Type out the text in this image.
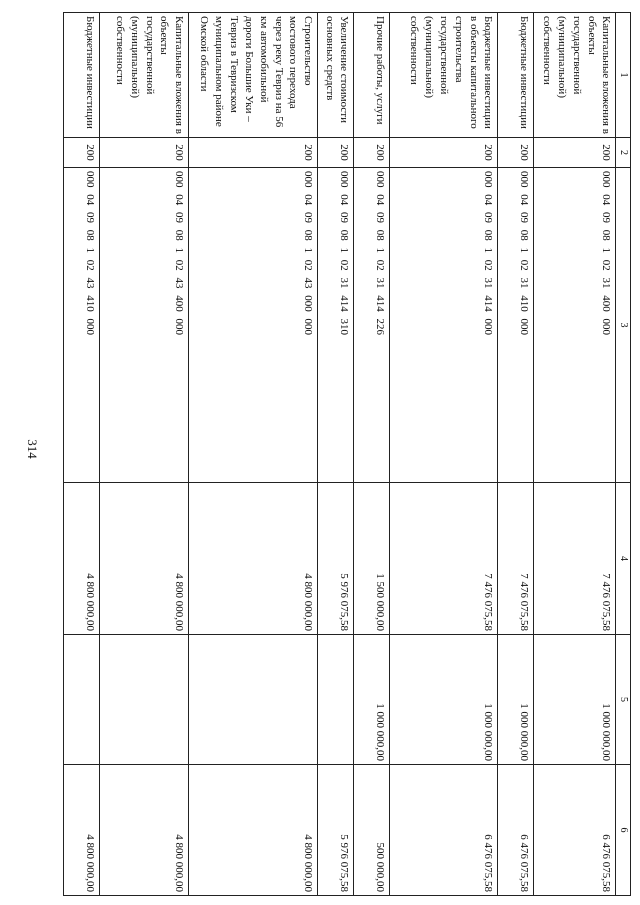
314
1	2	3	4	5	6
Капитальные вложения в объекты государственной (муниципальной) собственности	200	000 04 09 08 1 02 31 400 000	7 476 075,58	1 000 000,00	6 476 075,58
Бюджетные инвестиции	200	000 04 09 08 1 02 31 410 000	7 476 075,58	1 000 000,00	6 476 075,58
Бюджетные инвестиции в объекты капитального строительства государственной (муниципальной) собственности	200	000 04 09 08 1 02 31 414 000	7 476 075,58	1 000 000,00	6 476 075,58
Прочие работы, услуги	200	000 04 09 08 1 02 31 414 226	1 500 000,00	1 000 000,00	500 000,00
Увеличение стоимости основных средств	200	000 04 09 08 1 02 31 414 310	5 976 075,58		5 976 075,58
Строительство мостового перехода через реку Тевриз на 56 км автомобильной дороги Большие Уки – Тевриз в Тевризском муниципальном районе Омской области	200	000 04 09 08 1 02 43 000 000	4 800 000,00		4 800 000,00
Капитальные вложения в объекты государственной (муниципальной) собственности	200	000 04 09 08 1 02 43 400 000	4 800 000,00		4 800 000,00
Бюджетные инвестиции	200	000 04 09 08 1 02 43 410 000	4 800 000,00		4 800 000,00
